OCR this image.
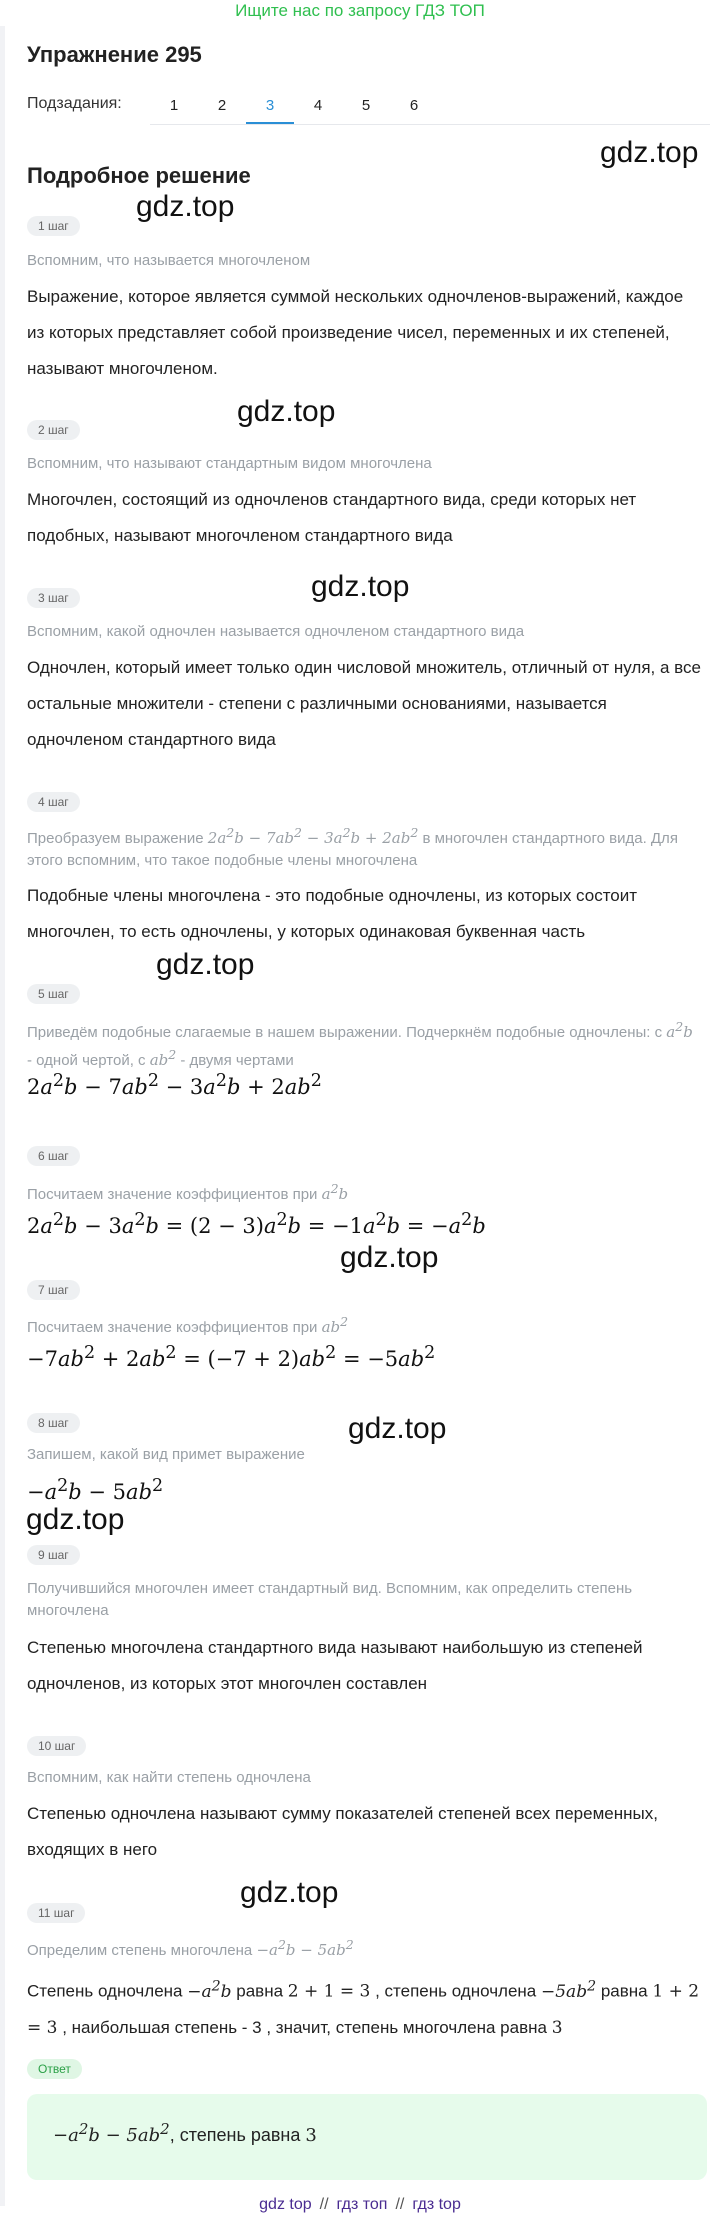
Ищите нас по запросу ГДЗ ТОП
Упражнение 295
Подзадания:	1	2	3	4	5	6
Подробное решение
gdz.top
gdz.top
gdz.top
gdz.top
gdz.top
gdz.top
gdz.top
gdz.top
gdz.top
1 шаг
Вспомним, что называется многочленом
Выражение, которое является суммой нескольких одночленов-выражений, каждое из которых представляет собой произведение чисел, переменных и их степеней, называют многочленом.
2 шаг
Вспомним, что называют стандартным видом многочлена
Многочлен, состоящий из одночленов стандартного вида, среди которых нет подобных, называют многочленом стандартного вида
3 шаг
Вспомним, какой одночлен называется одночленом стандартного вида
Одночлен, который имеет только один числовой множитель, отличный от нуля, а все остальные множители - степени с различными основаниями, называется одночленом стандартного вида
4 шаг
Преобразуем выражение $2a^2b - 7ab^2 - 3a^2b + 2ab^2$ в многочлен стандартного вида. Для этого вспомним, что такое подобные члены многочлена
Подобные члены многочлена - это подобные одночлены, из которых состоит многочлен, то есть одночлены, у которых одинаковая буквенная часть
5 шаг
Приведём подобные слагаемые в нашем выражении. Подчеркнём подобные одночлены: с $a^2b$ - одной чертой, с $ab^2$ - двумя чертами
$2a^2b - 7ab^2 - 3a^2b + 2ab^2$
6 шаг
Посчитаем значение коэффициентов при $a^2b$
$2a^2b - 3a^2b = (2 - 3)a^2b = -1a^2b = -a^2b$
7 шаг
Посчитаем значение коэффициентов при $ab^2$
$-7ab^2 + 2ab^2 = (-7 + 2)ab^2 = -5ab^2$
8 шаг
Запишем, какой вид примет выражение
$-a^2b - 5ab^2$
9 шаг
Получившийся многочлен имеет стандартный вид. Вспомним, как определить степень многочлена
Степенью многочлена стандартного вида называют наибольшую из степеней одночленов, из которых этот многочлен составлен
10 шаг
Вспомним, как найти степень одночлена
Степенью одночлена называют сумму показателей степеней всех переменных, входящих в него
11 шаг
Определим степень многочлена $-a^2b - 5ab^2$
Степень одночлена $-a^2b$ равна 2 + 1 = 3 , степень одночлена $-5ab^2$ равна 1 + 2 = 3 , наибольшая степень - 3 , значит, степень многочлена равна 3
Ответ
$-a^2b - 5ab^2$, степень равна 3
gdz top // гдз топ // гдз top
